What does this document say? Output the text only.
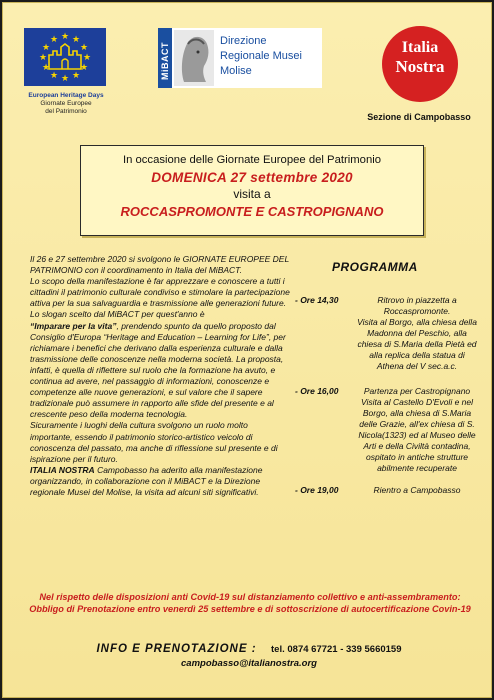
★
★
★
★
★
★
★
★
★ ★ ★
★
European Heritage Days
Giornate Europee
del Patrimonio
MiBACT
Direzione
Regionale Musei
Molise
Italia
Nostra
Sezione di Campobasso
In occasione delle Giornate Europee del Patrimonio
DOMENICA 27 settembre 2020
visita a
ROCCASPROMONTE E CASTROPIGNANO

Il 26 e 27 settembre 2020 si svolgono le GIORNATE EUROPEE DEL PATRIMONIO con il coordinamento in Italia del MiBACT.

Lo scopo della manifestazione è far apprezzare e conoscere a tutti i cittadini il patrimonio culturale condiviso e stimolare la partecipazione attiva per la sua salvaguardia e trasmissione alle generazioni future.

Lo slogan scelto dal MiBACT per quest'anno è

“Imparare per la vita”, prendendo spunto da quello proposto dal Consiglio d'Europa “Heritage and Education – Learning for Life”, per richiamare i benefici che derivano dalla esperienza culturale e dalla trasmissione delle conoscenze nella moderna società. La proposta, infatti, è quella di riflettere sul ruolo che la formazione ha avuto, e continua ad avere, nel passaggio di informazioni, conoscenze e competenze alle nuove generazioni, e sul valore che il sapere tradizionale può assumere in rapporto alle sfide del presente e al crescente peso della moderna tecnologia.

Sicuramente i luoghi della cultura svolgono un ruolo molto importante, essendo il patrimonio storico-artistico veicolo di conoscenza del passato, ma anche di riflessione sul presente e di ispirazione per il futuro.

ITALIA NOSTRA Campobasso ha aderito alla manifestazione organizzando, in collaborazione con il MiBACT e la Direzione regionale Musei del Molise, la visita ad alcuni siti significativi.

PROGRAMMA
- Ore 14,30	Ritrovo in piazzetta a Roccaspromonte.
Visita al Borgo, alla chiesa della Madonna del Peschio, alla chiesa di S.Maria della Pietà ed alla replica della statua di Athena del V sec.a.c.
- Ore 16,00	Partenza per Castropignano
Visita al Castello D'Evoli e nel Borgo, alla chiesa di S.Maria delle Grazie, all'ex chiesa di S. Nicola(1323) ed al Museo delle Arti e della Civiltà contadina, ospitato in antiche strutture abilmente recuperate
- Ore 19,00	Rientro a Campobasso
Nel rispetto delle disposizioni anti Covid-19 sul distanziamento collettivo e anti-assembramento: Obbligo di Prenotazione entro venerdì 25 settembre e di sottoscrizione di autocertificazione Covin-19
INFO E PRENOTAZIONE : tel. 0874 67721 - 339 5660159
campobasso@italianostra.org
